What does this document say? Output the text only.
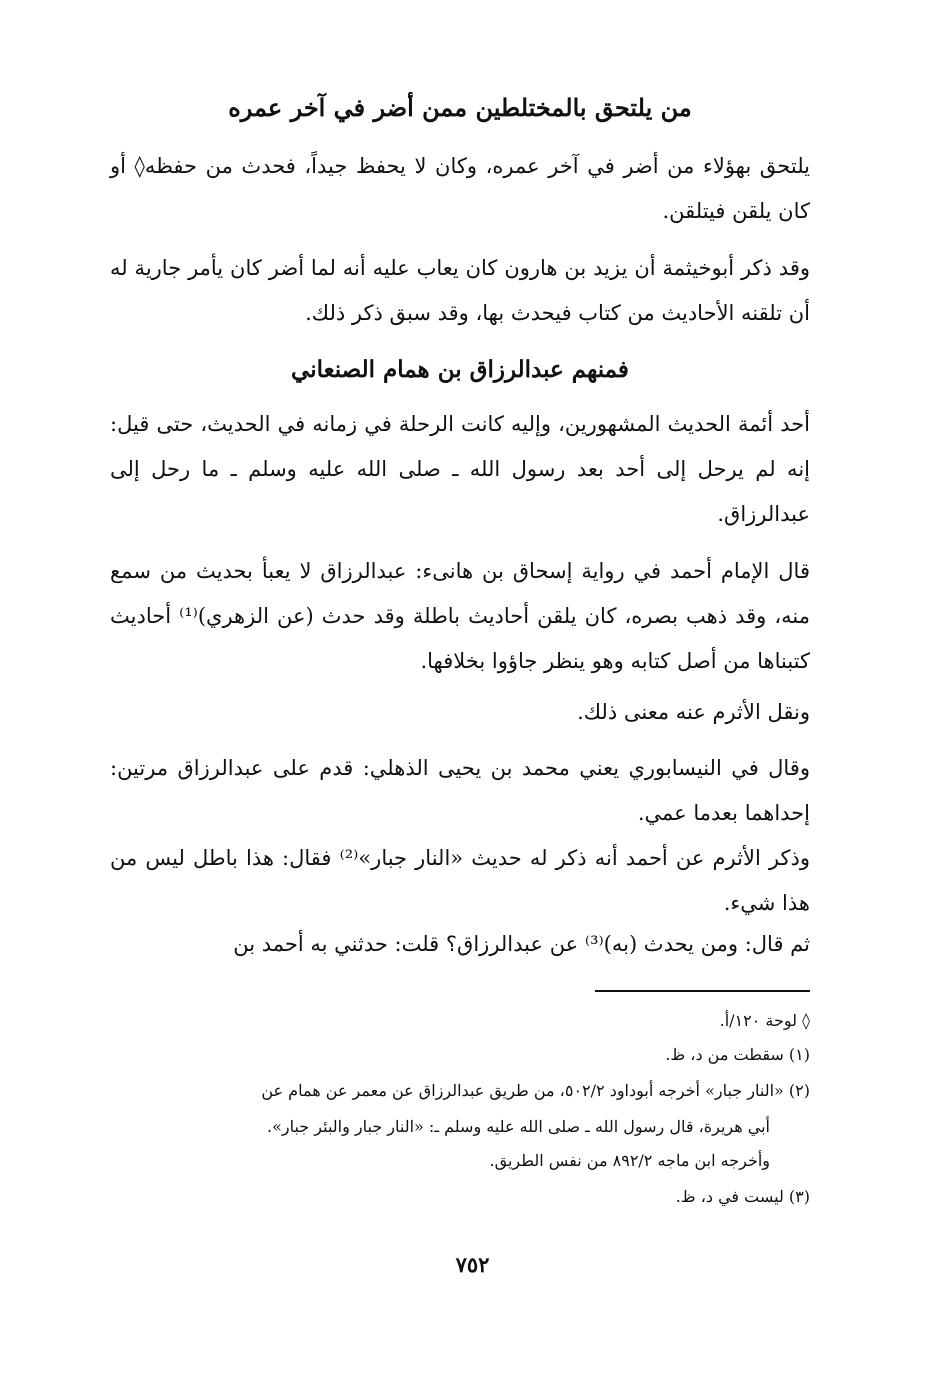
من يلتحق بالمختلطين ممن أضر في آخر عمره

يلتحق بهؤلاء من أضر في آخر عمره، وكان لا يحفظ جيداً، فحدث من حفظه◊ أو كان يلقن فيتلقن.

وقد ذكر أبوخيثمة أن يزيد بن هارون كان يعاب عليه أنه لما أضر كان يأمر جارية له أن تلقنه الأحاديث من كتاب فيحدث بها، وقد سبق ذكر ذلك.

فمنهم عبدالرزاق بن همام الصنعاني

أحد أئمة الحديث المشهورين، وإليه كانت الرحلة في زمانه في الحديث، حتى قيل: إنه لم يرحل إلى أحد بعد رسول الله ـ صلى الله عليه وسلم ـ ما رحل إلى عبدالرزاق.

قال الإمام أحمد في رواية إسحاق بن هانىء: عبدالرزاق لا يعبأ بحديث من سمع منه، وقد ذهب بصره، كان يلقن أحاديث باطلة وقد حدث (عن الزهري)⁽¹⁾ أحاديث كتبناها من أصل كتابه وهو ينظر جاؤوا بخلافها.

ونقل الأثرم عنه معنى ذلك.

وقال في النيسابوري يعني محمد بن يحيى الذهلي: قدم على عبدالرزاق مرتين: إحداهما بعدما عمي.

وذكر الأثرم عن أحمد أنه ذكر له حديث «النار جبار»⁽²⁾ فقال: هذا باطل ليس من هذا شيء.

ثم قال: ومن يحدث (به)⁽³⁾ عن عبدالرزاق؟ قلت: حدثني به أحمد بن

◊ لوحة ١٢٠/أ.

(١) سقطت من د، ظ.

(٢) «النار جبار» أخرجه أبوداود ٥٠٢/٢، من طريق عبدالرزاق عن معمر عن همام عن

أبي هريرة، قال رسول الله ـ صلى الله عليه وسلم ـ: «النار جبار والبئر جبار».

وأخرجه ابن ماجه ٨٩٢/٢ من نفس الطريق.

(٣) ليست في د، ظ.

٧٥٢
